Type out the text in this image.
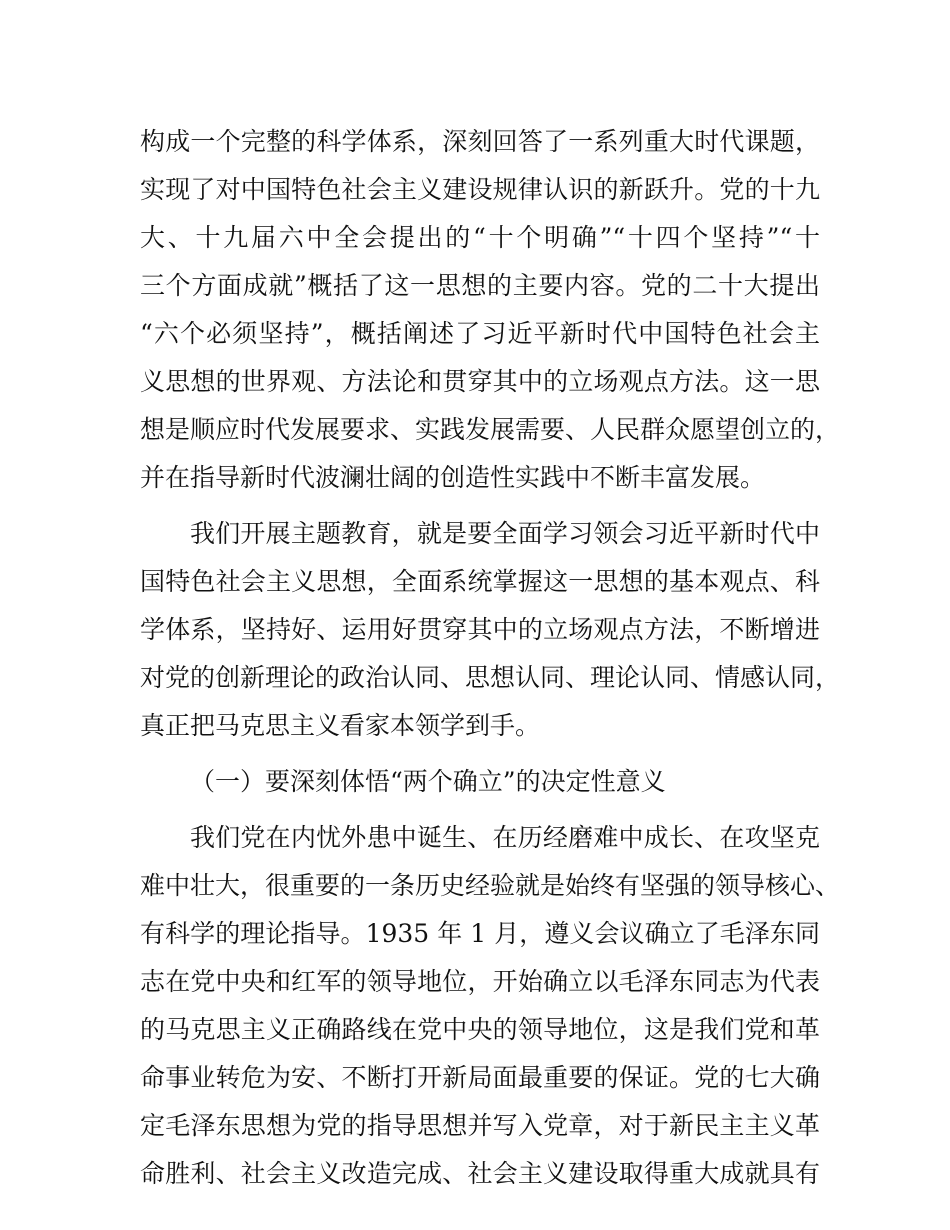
构成一个完整的科学体系，深刻回答了一系列重大时代课题，
实现了对中国特色社会主义建设规律认识的新跃升。党的十九
大、十九届六中全会提出的“十个明确”“十四个坚持”“十
三个方面成就”概括了这一思想的主要内容。党的二十大提出
“六个必须坚持”，概括阐述了习近平新时代中国特色社会主
义思想的世界观、方法论和贯穿其中的立场观点方法。这一思
想是顺应时代发展要求、实践发展需要、人民群众愿望创立的，
并在指导新时代波澜壮阔的创造性实践中不断丰富发展。
我们开展主题教育，就是要全面学习领会习近平新时代中
国特色社会主义思想，全面系统掌握这一思想的基本观点、科
学体系，坚持好、运用好贯穿其中的立场观点方法，不断增进
对党的创新理论的政治认同、思想认同、理论认同、情感认同，
真正把马克思主义看家本领学到手。
（一）要深刻体悟“两个确立”的决定性意义
我们党在内忧外患中诞生、在历经磨难中成长、在攻坚克
难中壮大，很重要的一条历史经验就是始终有坚强的领导核心、
有科学的理论指导。1935 年 1 月，遵义会议确立了毛泽东同
志在党中央和红军的领导地位，开始确立以毛泽东同志为代表
的马克思主义正确路线在党中央的领导地位，这是我们党和革
命事业转危为安、不断打开新局面最重要的保证。党的七大确
定毛泽东思想为党的指导思想并写入党章，对于新民主主义革
命胜利、社会主义改造完成、社会主义建设取得重大成就具有
